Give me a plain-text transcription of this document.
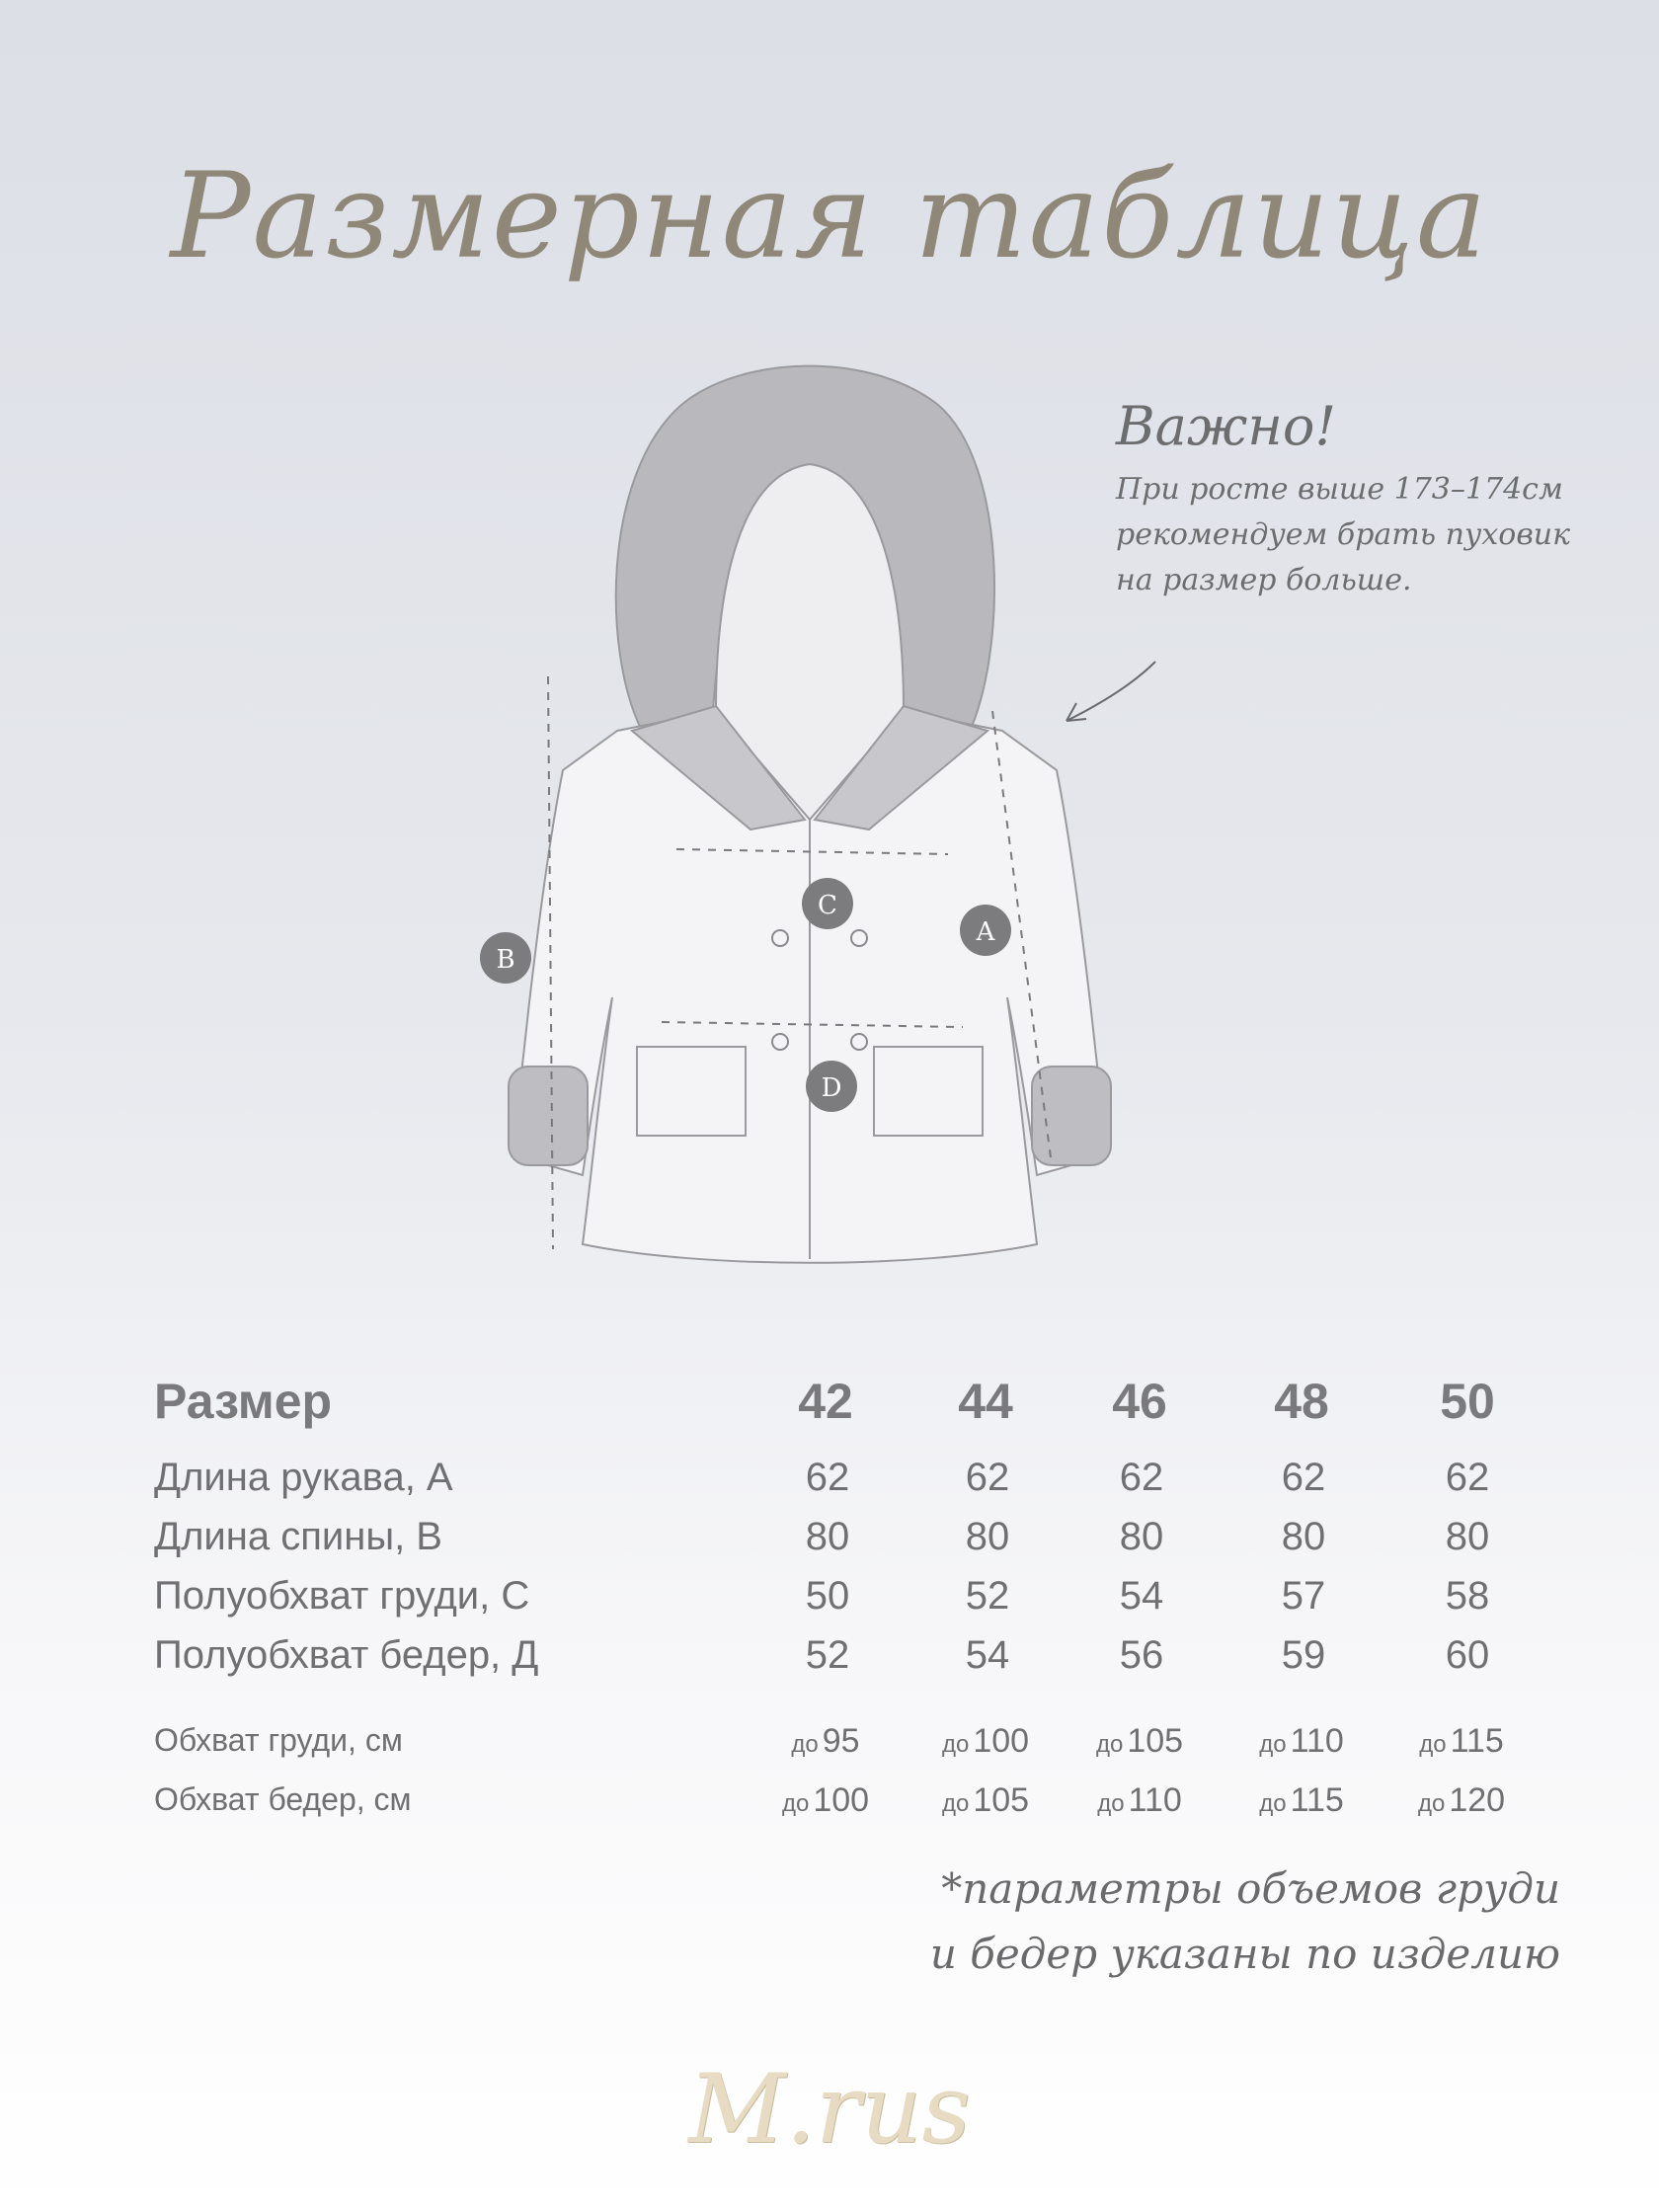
Размерная таблица
B
C
A
D
Важно!
При росте выше 173–174см
рекомендуем брать пуховик
на размер больше.
Размер	42	44	46	48	50
Длина рукава, А	62	62	62	62	62
Длина спины, В	80	80	80	80	80
Полуобхват груди, С	50	52	54	57	58
Полуобхват бедер, Д	52	54	56	59	60
Обхват груди, см	до 95	до 100	до 105	до 110	до 115
Обхват бедер, см	до 100	до 105	до 110	до 115	до 120
*параметры объемов груди
и бедер указаны по изделию
M.rus
